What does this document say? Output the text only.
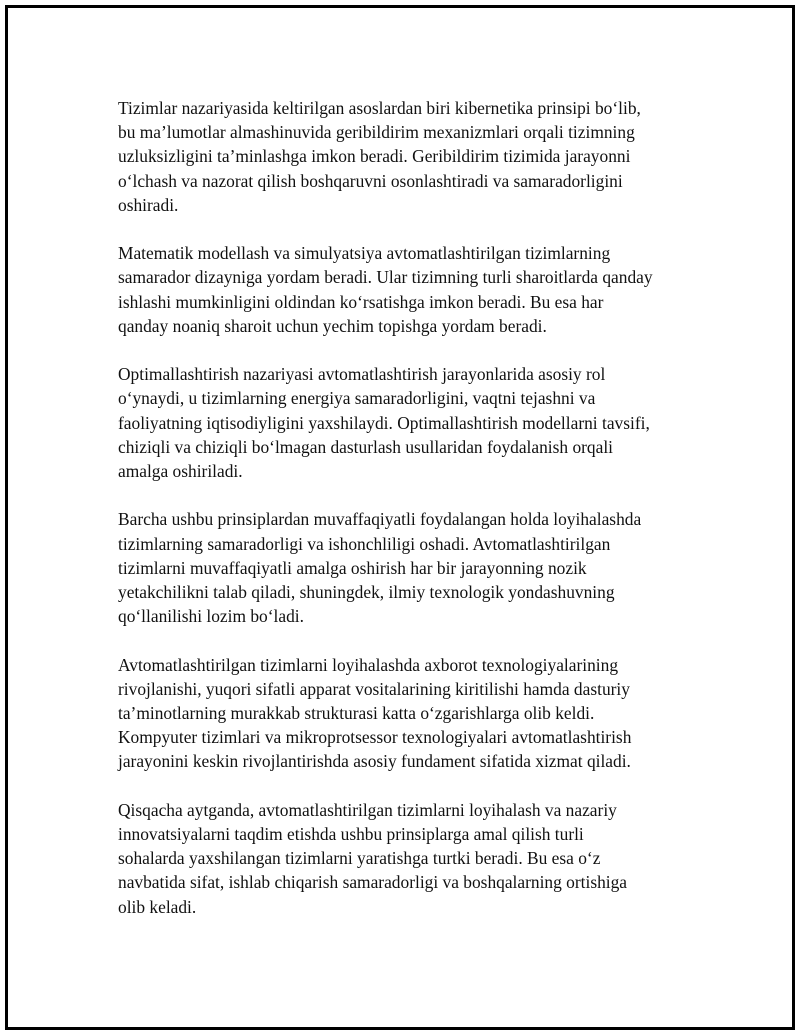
Tizimlar nazariyasida keltirilgan asoslardan biri kibernetika prinsipi bo‘lib,
bu ma’lumotlar almashinuvida geribildirim mexanizmlari orqali tizimning
uzluksizligini ta’minlashga imkon beradi. Geribildirim tizimida jarayonni
o‘lchash va nazorat qilish boshqaruvni osonlashtiradi va samaradorligini
oshiradi.

Matematik modellash va simulyatsiya avtomatlashtirilgan tizimlarning
samarador dizayniga yordam beradi. Ular tizimning turli sharoitlarda qanday
ishlashi mumkinligini oldindan ko‘rsatishga imkon beradi. Bu esa har
qanday noaniq sharoit uchun yechim topishga yordam beradi.

Optimallashtirish nazariyasi avtomatlashtirish jarayonlarida asosiy rol
o‘ynaydi, u tizimlarning energiya samaradorligini, vaqtni tejashni va
faoliyatning iqtisodiyligini yaxshilaydi. Optimallashtirish modellarni tavsifi,
chiziqli va chiziqli bo‘lmagan dasturlash usullaridan foydalanish orqali
amalga oshiriladi.

Barcha ushbu prinsiplardan muvaffaqiyatli foydalangan holda loyihalashda
tizimlarning samaradorligi va ishonchliligi oshadi. Avtomatlashtirilgan
tizimlarni muvaffaqiyatli amalga oshirish har bir jarayonning nozik
yetakchilikni talab qiladi, shuningdek, ilmiy texnologik yondashuvning
qo‘llanilishi lozim bo‘ladi.

Avtomatlashtirilgan tizimlarni loyihalashda axborot texnologiyalarining
rivojlanishi, yuqori sifatli apparat vositalarining kiritilishi hamda dasturiy
ta’minotlarning murakkab strukturasi katta o‘zgarishlarga olib keldi.
Kompyuter tizimlari va mikroprotsessor texnologiyalari avtomatlashtirish
jarayonini keskin rivojlantirishda asosiy fundament sifatida xizmat qiladi.

Qisqacha aytganda, avtomatlashtirilgan tizimlarni loyihalash va nazariy
innovatsiyalarni taqdim etishda ushbu prinsiplarga amal qilish turli
sohalarda yaxshilangan tizimlarni yaratishga turtki beradi. Bu esa o‘z
navbatida sifat, ishlab chiqarish samaradorligi va boshqalarning ortishiga
olib keladi.
